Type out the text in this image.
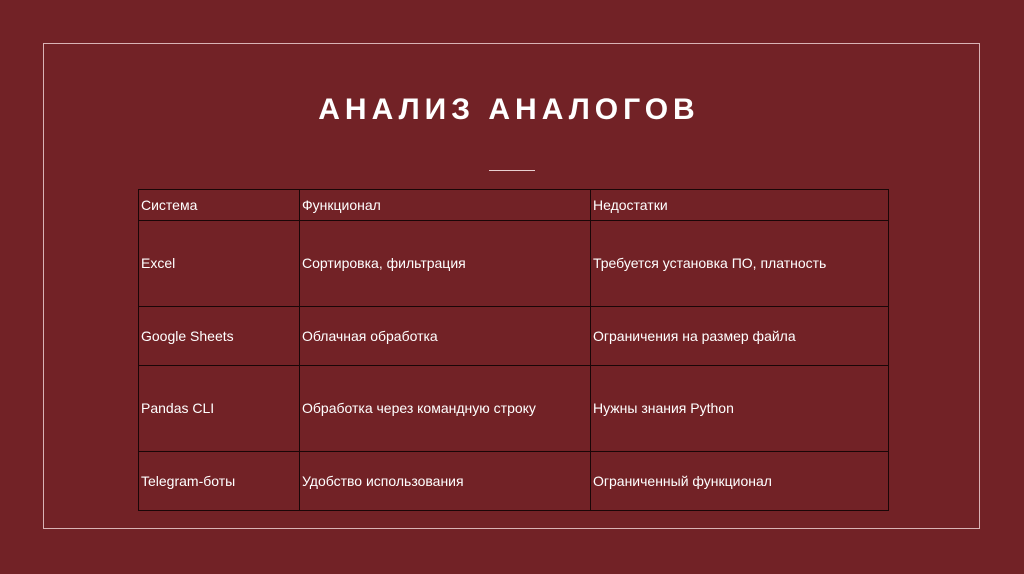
АНАЛИЗ АНАЛОГОВ
Система	Функционал	Недостатки
Excel	Сортировка, фильтрация	Требуется установка ПО, платность
Google Sheets	Облачная обработка	Ограничения на размер файла
Pandas CLI	Обработка через командную строку	Нужны знания Python
Telegram-боты	Удобство использования	Ограниченный функционал
